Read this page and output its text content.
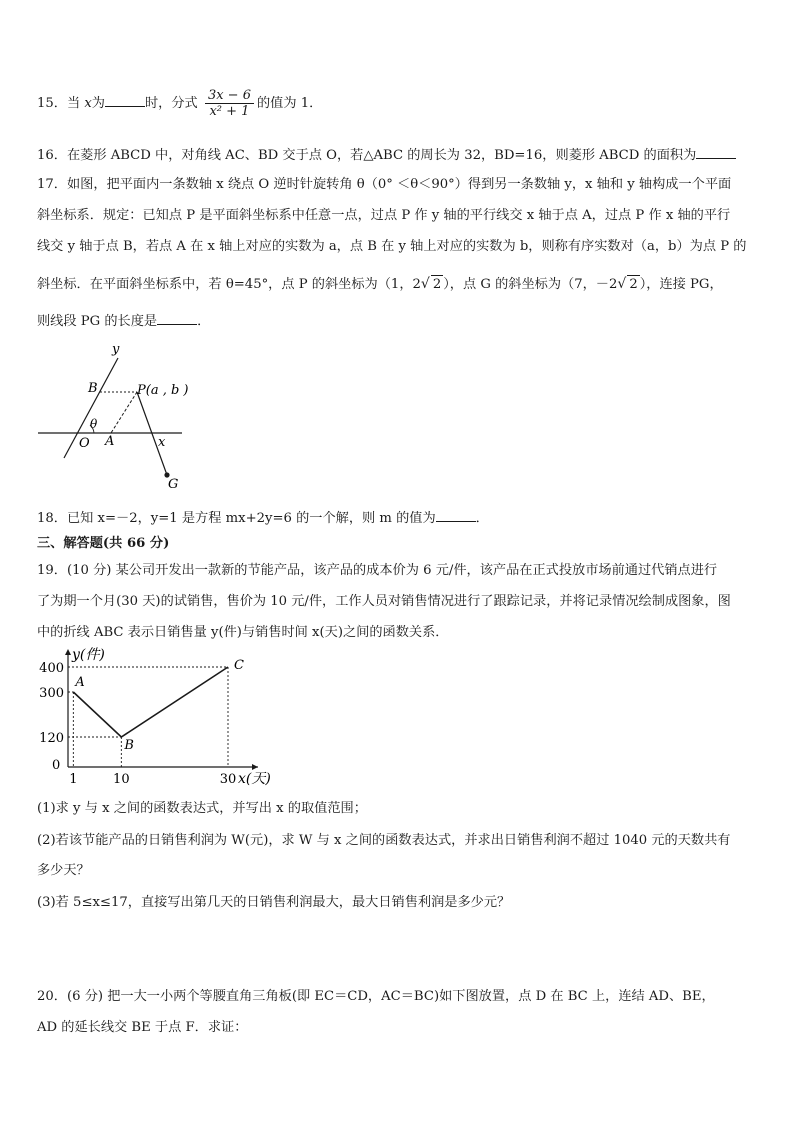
15．当 x为	时，分式 $\frac{3x - 6}{\text{x² + 1}}$ 的值为 1．
16．在菱形 ABCD 中，对角线 AC、BD 交于点 O，若△ABC 的周长为 32，BD=16，则菱形 ABCD 的面积为
17．如图，把平面内一条数轴 x 绕点 O 逆时针旋转角 θ（0° ＜θ＜90°）得到另一条数轴 y，x 轴和 y 轴构成一个平面
斜坐标系．规定：已知点 P 是平面斜坐标系中任意一点，过点 P 作 y 轴的平行线交 x 轴于点 A，过点 P 作 x 轴的平行
线交 y 轴于点 B，若点 A 在 x 轴上对应的实数为 a，点 B 在 y 轴上对应的实数为 b，则称有序实数对（a，b）为点 P 的
斜坐标．在平面斜坐标系中，若 θ=45°，点 P 的斜坐标为（1，2√ 2 ），点 G 的斜坐标为（7，－2√ 2 ），连接 PG，
则线段 PG 的长度是	．
y
B	P(a , b )
θ
O A	x
G
18．已知 x=－2，y=1 是方程 mx+2y=6 的一个解，则 m 的值为	．
三、解答题(共 66 分)
19．(10 分) 某公司开发出一款新的节能产品，该产品的成本价为 6 元/件，该产品在正式投放市场前通过代销点进行
了为期一个月(30 天)的试销售，售价为 10 元/件，工作人员对销售情况进行了跟踪记录，并将记录情况绘制成图象，图
中的折线 ABC 表示日销售量 y(件)与销售时间 x(天)之间的函数关系．
x(天)
y(件)
0
120
300
400
1	10	30
A
B
C
(1)求 y 与 x 之间的函数表达式，并写出 x 的取值范围；
(2)若该节能产品的日销售利润为 W(元)，求 W 与 x 之间的函数表达式，并求出日销售利润不超过 1040 元的天数共有
多少天？
(3)若 5≤x≤17，直接写出第几天的日销售利润最大，最大日销售利润是多少元？
20．(6 分) 把一大一小两个等腰直角三角板(即 EC＝CD，AC＝BC)如下图放置，点 D 在 BC 上，连结 AD、BE，
AD 的延长线交 BE 于点 F．求证：
